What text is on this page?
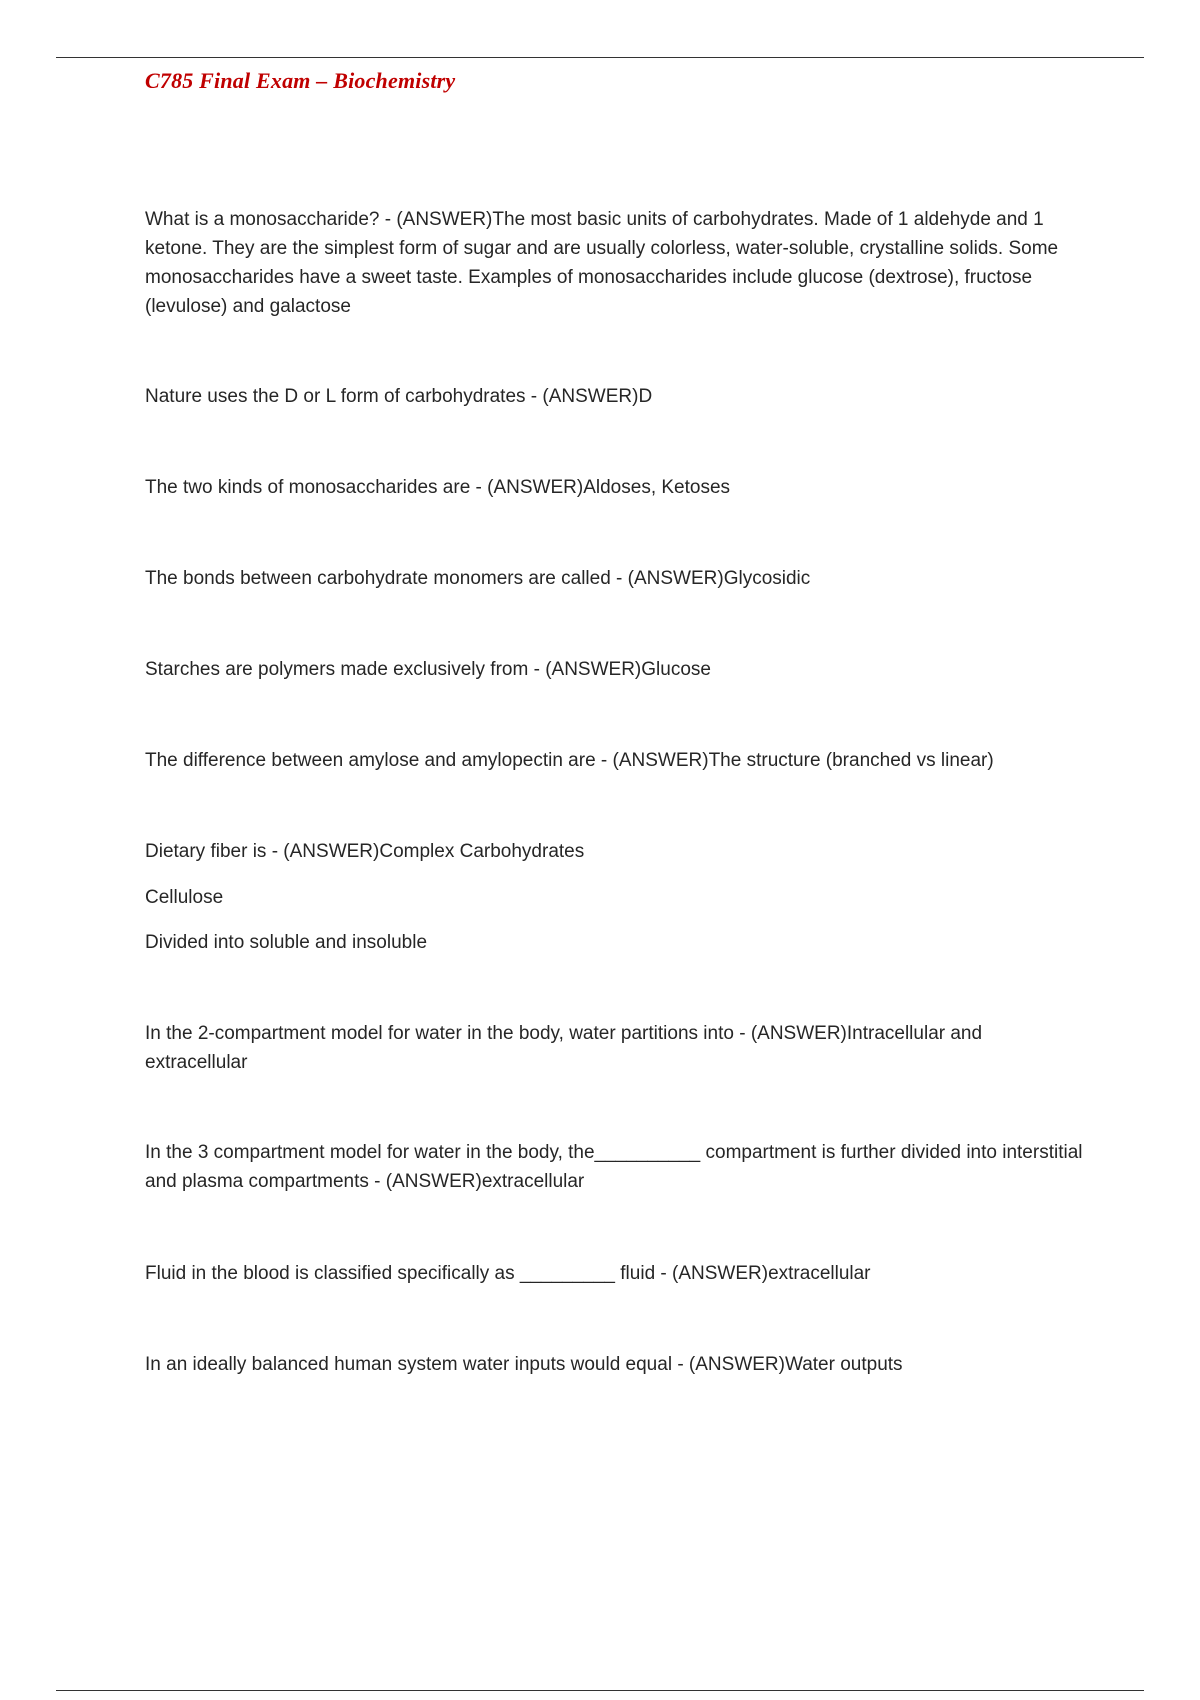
C785 Final Exam – Biochemistry

What is a monosaccharide? - (ANSWER)The most basic units of carbohydrates. Made of 1 aldehyde and 1 ketone. They are the simplest form of sugar and are usually colorless, water-soluble, crystalline solids. Some monosaccharides have a sweet taste. Examples of monosaccharides include glucose (dextrose), fructose (levulose) and galactose

Nature uses the D or L form of carbohydrates - (ANSWER)D

The two kinds of monosaccharides are - (ANSWER)Aldoses, Ketoses

The bonds between carbohydrate monomers are called - (ANSWER)Glycosidic

Starches are polymers made exclusively from - (ANSWER)Glucose

The difference between amylose and amylopectin are - (ANSWER)The structure (branched vs linear)

Dietary fiber is - (ANSWER)Complex Carbohydrates

Cellulose

Divided into soluble and insoluble

In the 2-compartment model for water in the body, water partitions into - (ANSWER)Intracellular and extracellular

In the 3 compartment model for water in the body, the__________ compartment is further divided into interstitial and plasma compartments - (ANSWER)extracellular

Fluid in the blood is classified specifically as _________ fluid - (ANSWER)extracellular

In an ideally balanced human system water inputs would equal - (ANSWER)Water outputs
